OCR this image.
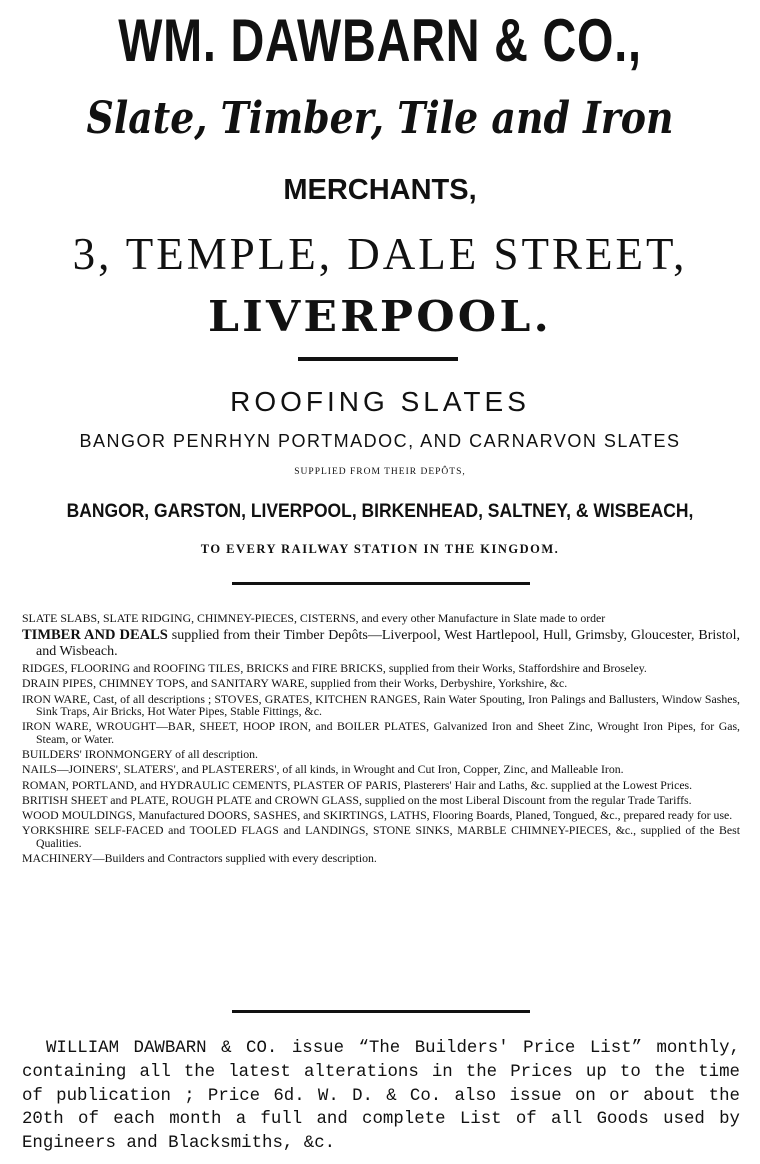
WM. DAWBARN & CO.,
Slate, Timber, Tile and Iron
MERCHANTS,
3, TEMPLE, DALE STREET,
LIVERPOOL.
ROOFING SLATES
BANGOR PENRHYN PORTMADOC, AND CARNARVON SLATES
SUPPLIED FROM THEIR DEPÔTS,
BANGOR, GARSTON, LIVERPOOL, BIRKENHEAD, SALTNEY, & WISBEACH,
TO EVERY RAILWAY STATION IN THE KINGDOM.
SLATE SLABS, SLATE RIDGING, CHIMNEY-PIECES, CISTERNS, and every other Manufacture in Slate made to order
TIMBER AND DEALS supplied from their Timber Depôts—Liverpool, West Hartlepool, Hull, Grimsby, Gloucester, Bristol, and Wisbeach.
RIDGES, FLOORING and ROOFING TILES, BRICKS and FIRE BRICKS, supplied from their Works, Staffordshire and Broseley.
DRAIN PIPES, CHIMNEY TOPS, and SANITARY WARE, supplied from their Works, Derbyshire, Yorkshire, &c.
IRON WARE, Cast, of all descriptions ; STOVES, GRATES, KITCHEN RANGES, Rain Water Spouting, Iron Palings and Ballusters, Window Sashes, Sink Traps, Air Bricks, Hot Water Pipes, Stable Fittings, &c.
IRON WARE, WROUGHT—BAR, SHEET, HOOP IRON, and BOILER PLATES, Galvanized Iron and Sheet Zinc, Wrought Iron Pipes, for Gas, Steam, or Water.
BUILDERS' IRONMONGERY of all description.
NAILS—JOINERS', SLATERS', and PLASTERERS', of all kinds, in Wrought and Cut Iron, Copper, Zinc, and Malleable Iron.
ROMAN, PORTLAND, and HYDRAULIC CEMENTS, PLASTER OF PARIS, Plasterers' Hair and Laths, &c. supplied at the Lowest Prices.
BRITISH SHEET and PLATE, ROUGH PLATE and CROWN GLASS, supplied on the most Liberal Discount from the regular Trade Tariffs.
WOOD MOULDINGS, Manufactured DOORS, SASHES, and SKIRTINGS, LATHS, Flooring Boards, Planed, Tongued, &c., prepared ready for use.
YORKSHIRE SELF-FACED and TOOLED FLAGS and LANDINGS, STONE SINKS, MARBLE CHIMNEY-PIECES, &c., supplied of the Best Qualities.
MACHINERY—Builders and Contractors supplied with every description.
WILLIAM DAWBARN & CO. issue “The Builders' Price List” monthly, containing all the latest alterations in the Prices up to the time of publication ; Price 6d. W. D. & Co. also issue on or about the 20th of each month a full and complete List of all Goods used by Engineers and Blacksmiths, &c.
